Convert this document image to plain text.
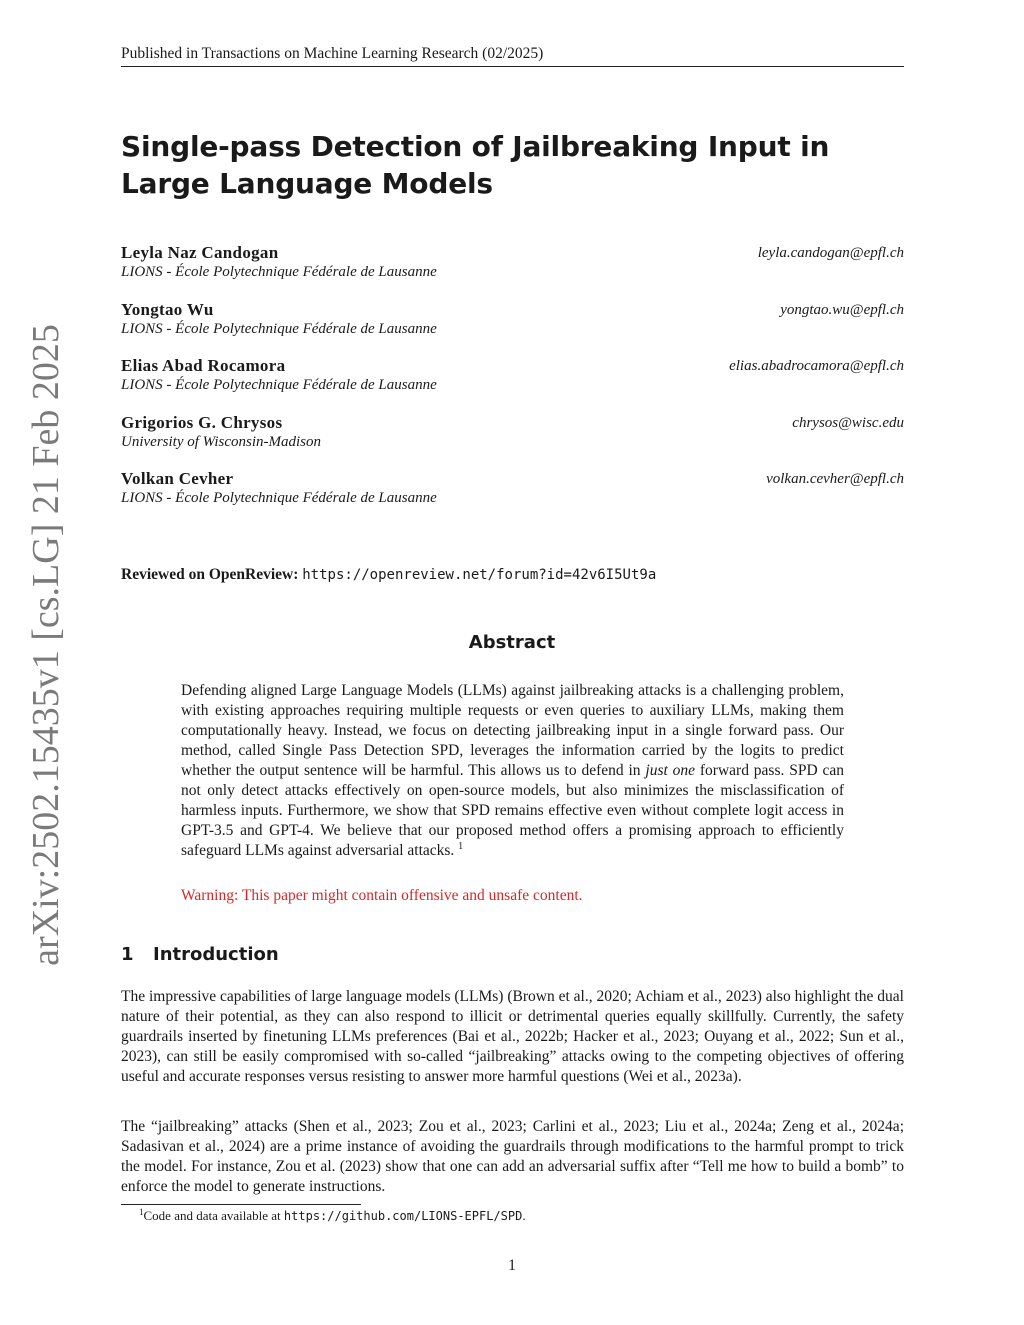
Published in Transactions on Machine Learning Research (02/2025)
Single-pass Detection of Jailbreaking Input in Large Language Models
Leyla Naz Candogan
LIONS - École Polytechnique Fédérale de Lausanne
leyla.candogan@epfl.ch
Yongtao Wu
LIONS - École Polytechnique Fédérale de Lausanne
yongtao.wu@epfl.ch
Elias Abad Rocamora
LIONS - École Polytechnique Fédérale de Lausanne
elias.abadrocamora@epfl.ch
Grigorios G. Chrysos
University of Wisconsin-Madison
chrysos@wisc.edu
Volkan Cevher
LIONS - École Polytechnique Fédérale de Lausanne
volkan.cevher@epfl.ch
Reviewed on OpenReview: https://openreview.net/forum?id=42v6I5Ut9a
Abstract
Defending aligned Large Language Models (LLMs) against jailbreaking attacks is a challenging problem, with existing approaches requiring multiple requests or even queries to auxiliary LLMs, making them computationally heavy. Instead, we focus on detecting jailbreaking input in a single forward pass. Our method, called Single Pass Detection SPD, leverages the information carried by the logits to predict whether the output sentence will be harmful. This allows us to defend in just one forward pass. SPD can not only detect attacks effectively on open-source models, but also minimizes the misclassification of harmless inputs. Furthermore, we show that SPD remains effective even without complete logit access in GPT-3.5 and GPT-4. We believe that our proposed method offers a promising approach to efficiently safeguard LLMs against adversarial attacks. $^1$
Warning: This paper might contain offensive and unsafe content.
1 Introduction

The impressive capabilities of large language models (LLMs) (Brown et al., 2020; Achiam et al., 2023) also highlight the dual nature of their potential, as they can also respond to illicit or detrimental queries equally skillfully. Currently, the safety guardrails inserted by finetuning LLMs preferences (Bai et al., 2022b; Hacker et al., 2023; Ouyang et al., 2022; Sun et al., 2023), can still be easily compromised with so-called “jailbreaking” attacks owing to the competing objectives of offering useful and accurate responses versus resisting to answer more harmful questions (Wei et al., 2023a).

The “jailbreaking” attacks (Shen et al., 2023; Zou et al., 2023; Carlini et al., 2023; Liu et al., 2024a; Zeng et al., 2024a; Sadasivan et al., 2024) are a prime instance of avoiding the guardrails through modifications to the harmful prompt to trick the model. For instance, Zou et al. (2023) show that one can add an adversarial suffix after “Tell me how to build a bomb” to enforce the model to generate instructions.

$^1$Code and data available at https://github.com/LIONS-EPFL/SPD.
1
arXiv:2502.15435v1 [cs.LG] 21 Feb 2025
